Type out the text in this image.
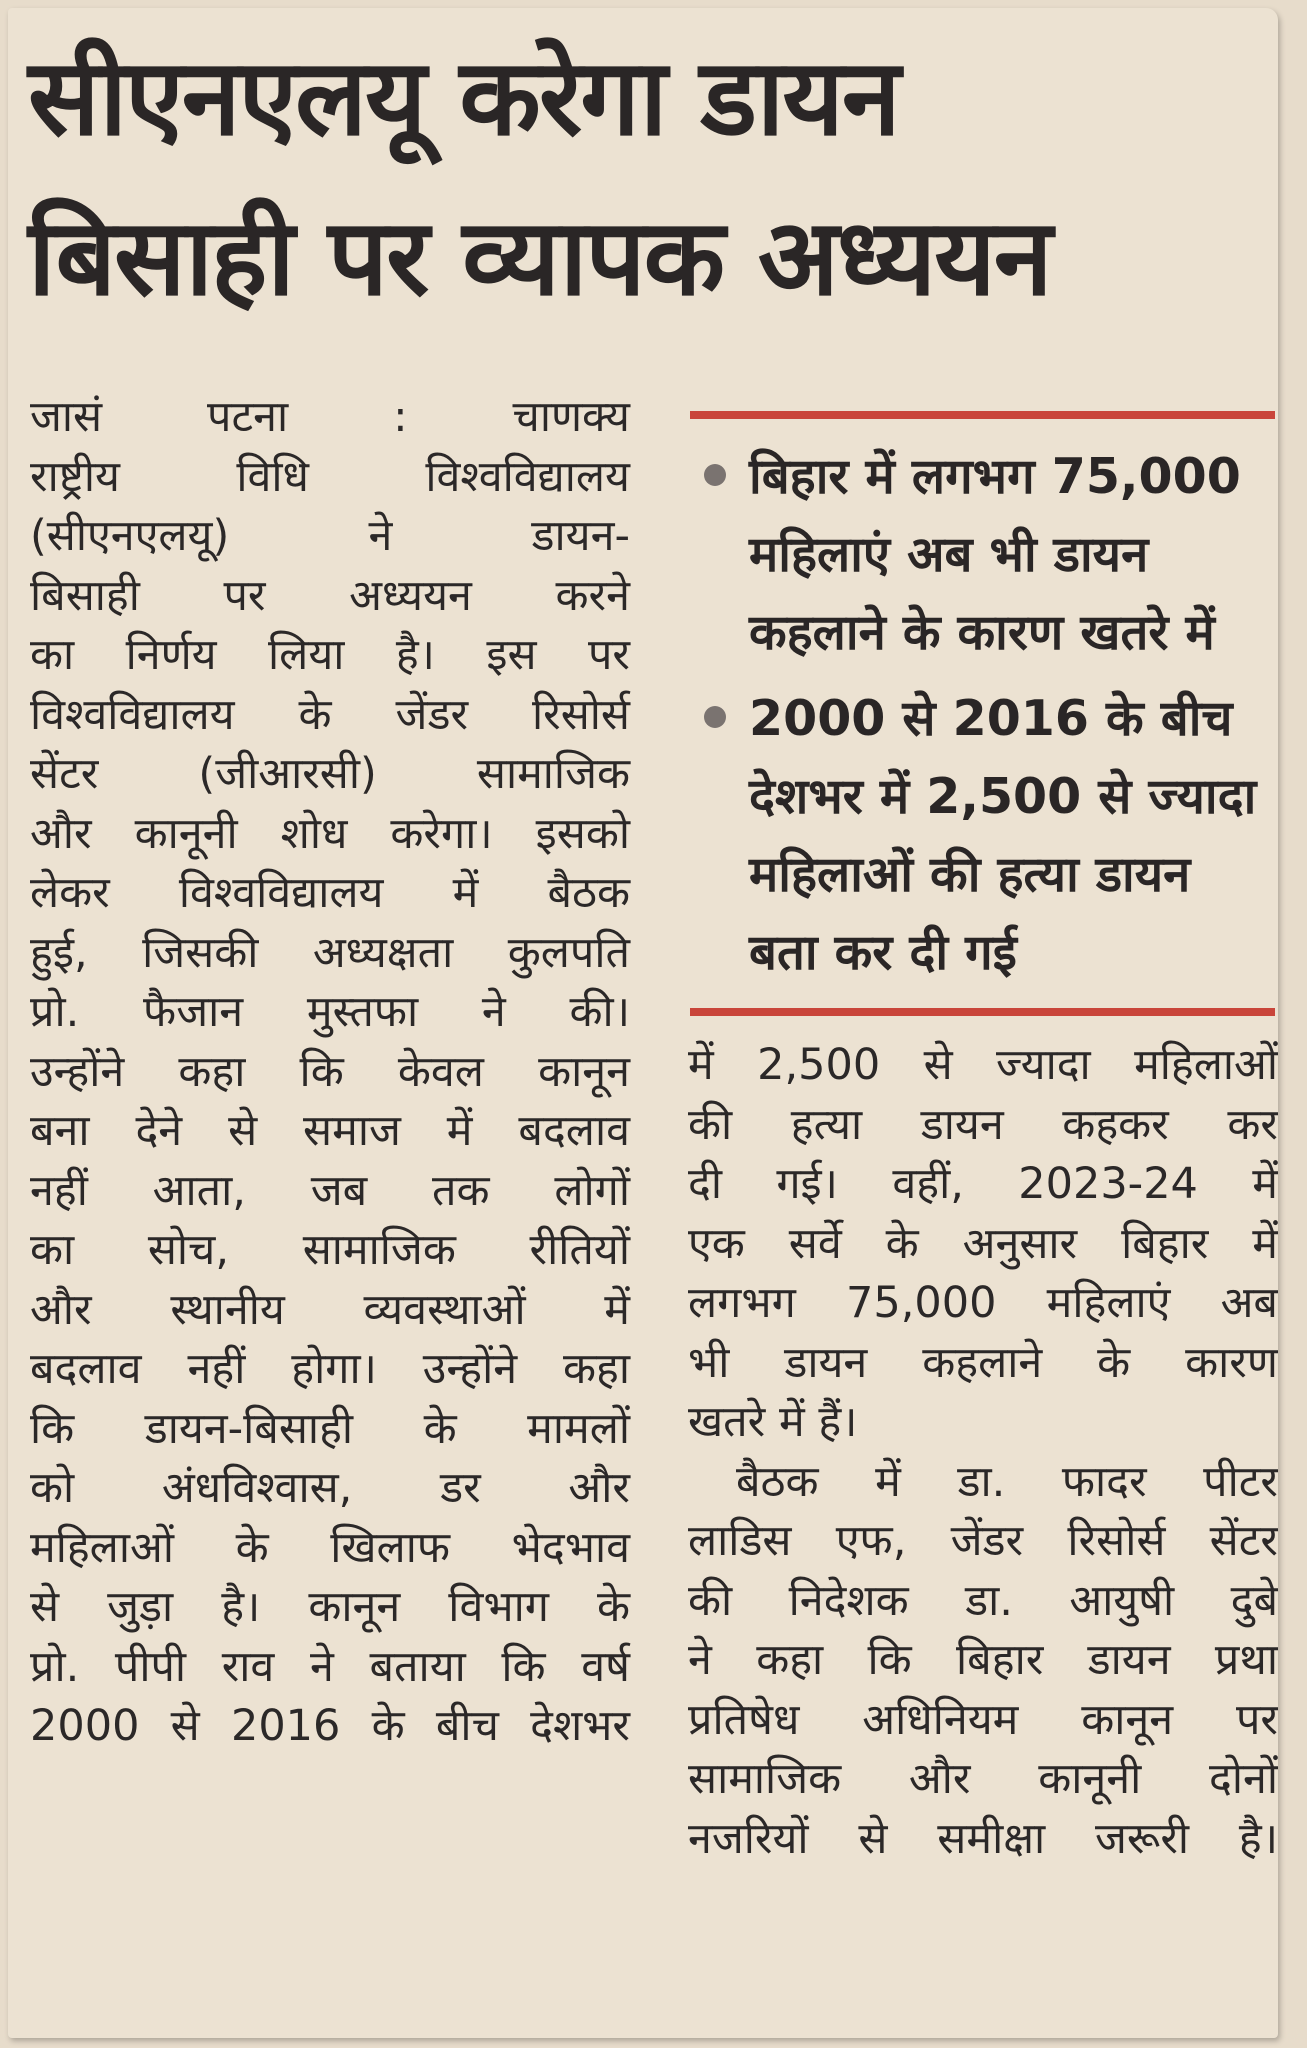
सीएनएलयू करेगा डायन
बिसाही पर व्यापक अध्ययन

जासं पटना : चाणक्य

राष्ट्रीय विधि विश्वविद्यालय

(सीएनएलयू) ने डायन-

बिसाही पर अध्ययन करने

का निर्णय लिया है। इस पर

विश्वविद्यालय के जेंडर रिसोर्स

सेंटर (जीआरसी) सामाजिक

और कानूनी शोध करेगा। इसको

लेकर विश्वविद्यालय में बैठक

हुई, जिसकी अध्यक्षता कुलपति

प्रो. फैजान मुस्तफा ने की।

उन्होंने कहा कि केवल कानून

बना देने से समाज में बदलाव

नहीं आता, जब तक लोगों

का सोच, सामाजिक रीतियों

और स्थानीय व्यवस्थाओं में

बदलाव नहीं होगा। उन्होंने कहा

कि डायन-बिसाही के मामलों

को अंधविश्वास, डर और

महिलाओं के खिलाफ भेदभाव

से जुड़ा है। कानून विभाग के

प्रो. पीपी राव ने बताया कि वर्ष

2000 से 2016 के बीच देशभर

बिहार में लगभग 75,000
महिलाएं अब भी डायन
कहलाने के कारण खतरे में
2000 से 2016 के बीच
देशभर में 2,500 से ज्यादा
महिलाओं की हत्या डायन
बता कर दी गई

में 2,500 से ज्यादा महिलाओं

की हत्या डायन कहकर कर

दी गई। वहीं, 2023-24 में

एक सर्वे के अनुसार बिहार में

लगभग 75,000 महिलाएं अब

भी डायन कहलाने के कारण

खतरे में हैं।

बैठक में डा. फादर पीटर

लाडिस एफ, जेंडर रिसोर्स सेंटर

की निदेशक डा. आयुषी दुबे

ने कहा कि बिहार डायन प्रथा

प्रतिषेध अधिनियम कानून पर

सामाजिक और कानूनी दोनों

नजरियों से समीक्षा जरूरी है।
